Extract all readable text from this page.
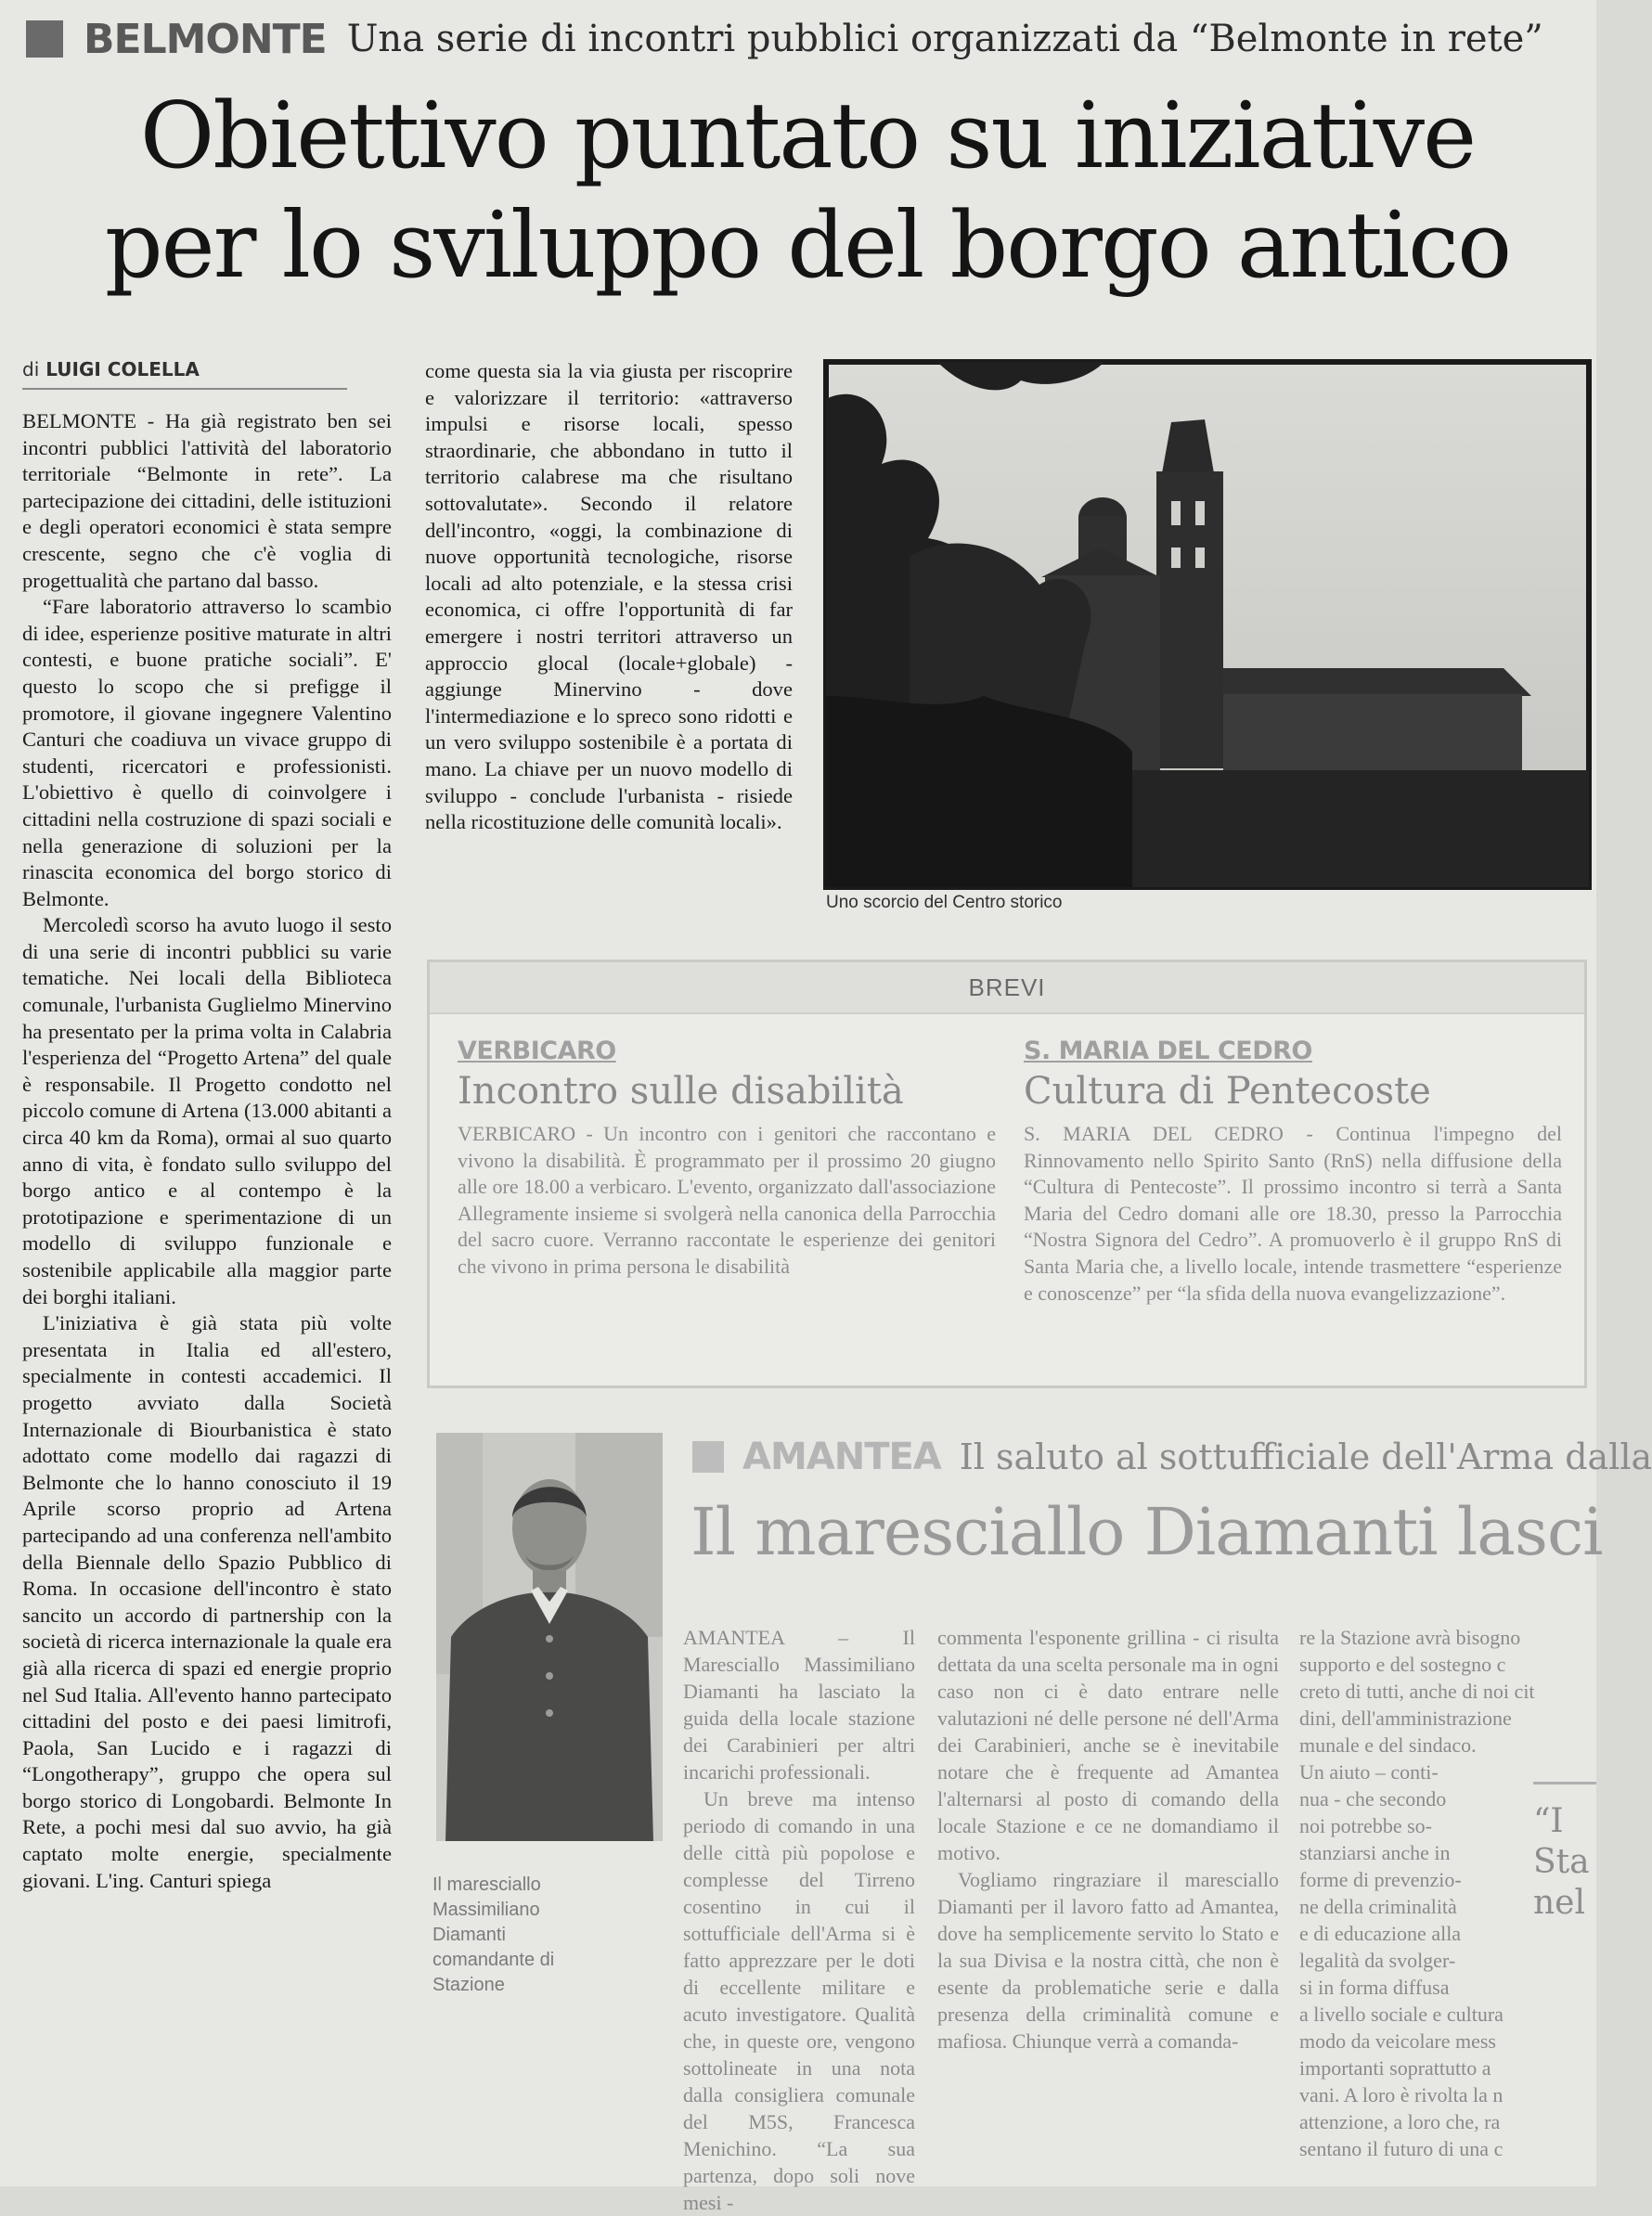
BELMONTE Una serie di incontri pubblici organizzati da “Belmonte in rete”
Obiettivo puntato su iniziative
per lo sviluppo del borgo antico
di LUIGI COLELLA

BELMONTE - Ha già registrato ben sei incontri pubblici l'attività del laboratorio territoriale “Belmonte in rete”. La partecipazione dei cittadini, delle istituzioni e degli operatori economici è stata sempre crescente, segno che c'è voglia di progettualità che partano dal basso.

“Fare laboratorio attraverso lo scambio di idee, esperienze positive maturate in altri contesti, e buone pratiche sociali”. E' questo lo scopo che si prefigge il promotore, il giovane ingegnere Valentino Canturi che coadiuva un vivace gruppo di studenti, ricercatori e professionisti. L'obiettivo è quello di coinvolgere i cittadini nella costruzione di spazi sociali e nella generazione di soluzioni per la rinascita economica del borgo storico di Belmonte.

Mercoledì scorso ha avuto luogo il sesto di una serie di incontri pubblici su varie tematiche. Nei locali della Biblioteca comunale, l'urbanista Guglielmo Minervino ha presentato per la prima volta in Calabria l'esperienza del “Progetto Artena” del quale è responsabile. Il Progetto condotto nel piccolo comune di Artena (13.000 abitanti a circa 40 km da Roma), ormai al suo quarto anno di vita, è fondato sullo sviluppo del borgo antico e al contempo è la prototipazione e sperimentazione di un modello di sviluppo funzionale e sostenibile applicabile alla maggior parte dei borghi italiani.

L'iniziativa è già stata più volte presentata in Italia ed all'estero, specialmente in contesti accademici. Il progetto avviato dalla Società Internazionale di Biourbanistica è stato adottato come modello dai ragazzi di Belmonte che lo hanno conosciuto il 19 Aprile scorso proprio ad Artena partecipando ad una conferenza nell'ambito della Biennale dello Spazio Pubblico di Roma. In occasione dell'incontro è stato sancito un accordo di partnership con la società di ricerca internazionale la quale era già alla ricerca di spazi ed energie proprio nel Sud Italia. All'evento hanno partecipato cittadini del posto e dei paesi limitrofi, Paola, San Lucido e i ragazzi di “Longotherapy”, gruppo che opera sul borgo storico di Longobardi. Belmonte In Rete, a pochi mesi dal suo avvio, ha già captato molte energie, specialmente giovani. L'ing. Canturi spiega

come questa sia la via giusta per riscoprire e valorizzare il territorio: «attraverso impulsi e risorse locali, spesso straordinarie, che abbondano in tutto il territorio calabrese ma che risultano sottovalutate». Secondo il relatore dell'incontro, «oggi, la combinazione di nuove opportunità tecnologiche, risorse locali ad alto potenziale, e la stessa crisi economica, ci offre l'opportunità di far emergere i nostri territori attraverso un approccio glocal (locale+globale) - aggiunge Minervino - dove l'intermediazione e lo spreco sono ridotti e un vero sviluppo sostenibile è a portata di mano. La chiave per un nuovo modello di sviluppo - conclude l'urbanista - risiede nella ricostituzione delle comunità locali».

Uno scorcio del Centro storico
BREVI
VERBICARO
Incontro sulle disabilità
VERBICARO - Un incontro con i genitori che raccontano e vivono la disabilità. È programmato per il prossimo 20 giugno alle ore 18.00 a verbicaro. L'evento, organizzato dall'associazione Allegramente insieme si svolgerà nella canonica della Parrocchia del sacro cuore. Verranno raccontate le esperienze dei genitori che vivono in prima persona le disabilità
S. MARIA DEL CEDRO
Cultura di Pentecoste
S. MARIA DEL CEDRO - Continua l'impegno del Rinnovamento nello Spirito Santo (RnS) nella diffusione della “Cultura di Pentecoste”. Il prossimo incontro si terrà a Santa Maria del Cedro domani alle ore 18.30, presso la Parrocchia “Nostra Signora del Cedro”. A promuoverlo è il gruppo RnS di Santa Maria che, a livello locale, intende trasmettere “esperienze e conoscenze” per “la sfida della nuova evangelizzazione”.
Il maresciallo Massimiliano Diamanti comandante di Stazione
AMANTEA Il saluto al sottufficiale dell'Arma dalla
Il maresciallo Diamanti lasci

AMANTEA – Il Maresciallo Massimiliano Diamanti ha lasciato la guida della locale stazione dei Carabinieri per altri incarichi professionali.

Un breve ma intenso periodo di comando in una delle città più popolose e complesse del Tirreno cosentino in cui il sottufficiale dell'Arma si è fatto apprezzare per le doti di eccellente militare e acuto investigatore. Qualità che, in queste ore, vengono sottolineate in una nota dalla consigliera comunale del M5S, Francesca Menichino. “La sua partenza, dopo soli nove mesi -

commenta l'esponente grillina - ci risulta dettata da una scelta personale ma in ogni caso non ci è dato entrare nelle valutazioni né delle persone né dell'Arma dei Carabinieri, anche se è inevitabile notare che è frequente ad Amantea l'alternarsi al posto di comando della locale Stazione e ce ne domandiamo il motivo.

Vogliamo ringraziare il maresciallo Diamanti per il lavoro fatto ad Amantea, dove ha semplicemente servito lo Stato e la sua Divisa e la nostra città, che non è esente da problematiche serie e dalla presenza della criminalità comune e mafiosa. Chiunque verrà a comanda-

re la Stazione avrà bisogno
supporto e del sostegno c
creto di tutti, anche di noi cit
dini, dell'amministrazione
munale e del sindaco.
Un aiuto – conti-
nua - che secondo
noi potrebbe so-
stanziarsi anche in
forme di prevenzio-
ne della criminalità
e di educazione alla
legalità da svolger-
si in forma diffusa
a livello sociale e cultura
modo da veicolare mess
importanti soprattutto a
vani. A loro è rivolta la n
attenzione, a loro che, ra
sentano il futuro di una c
“I
Sta
nel
